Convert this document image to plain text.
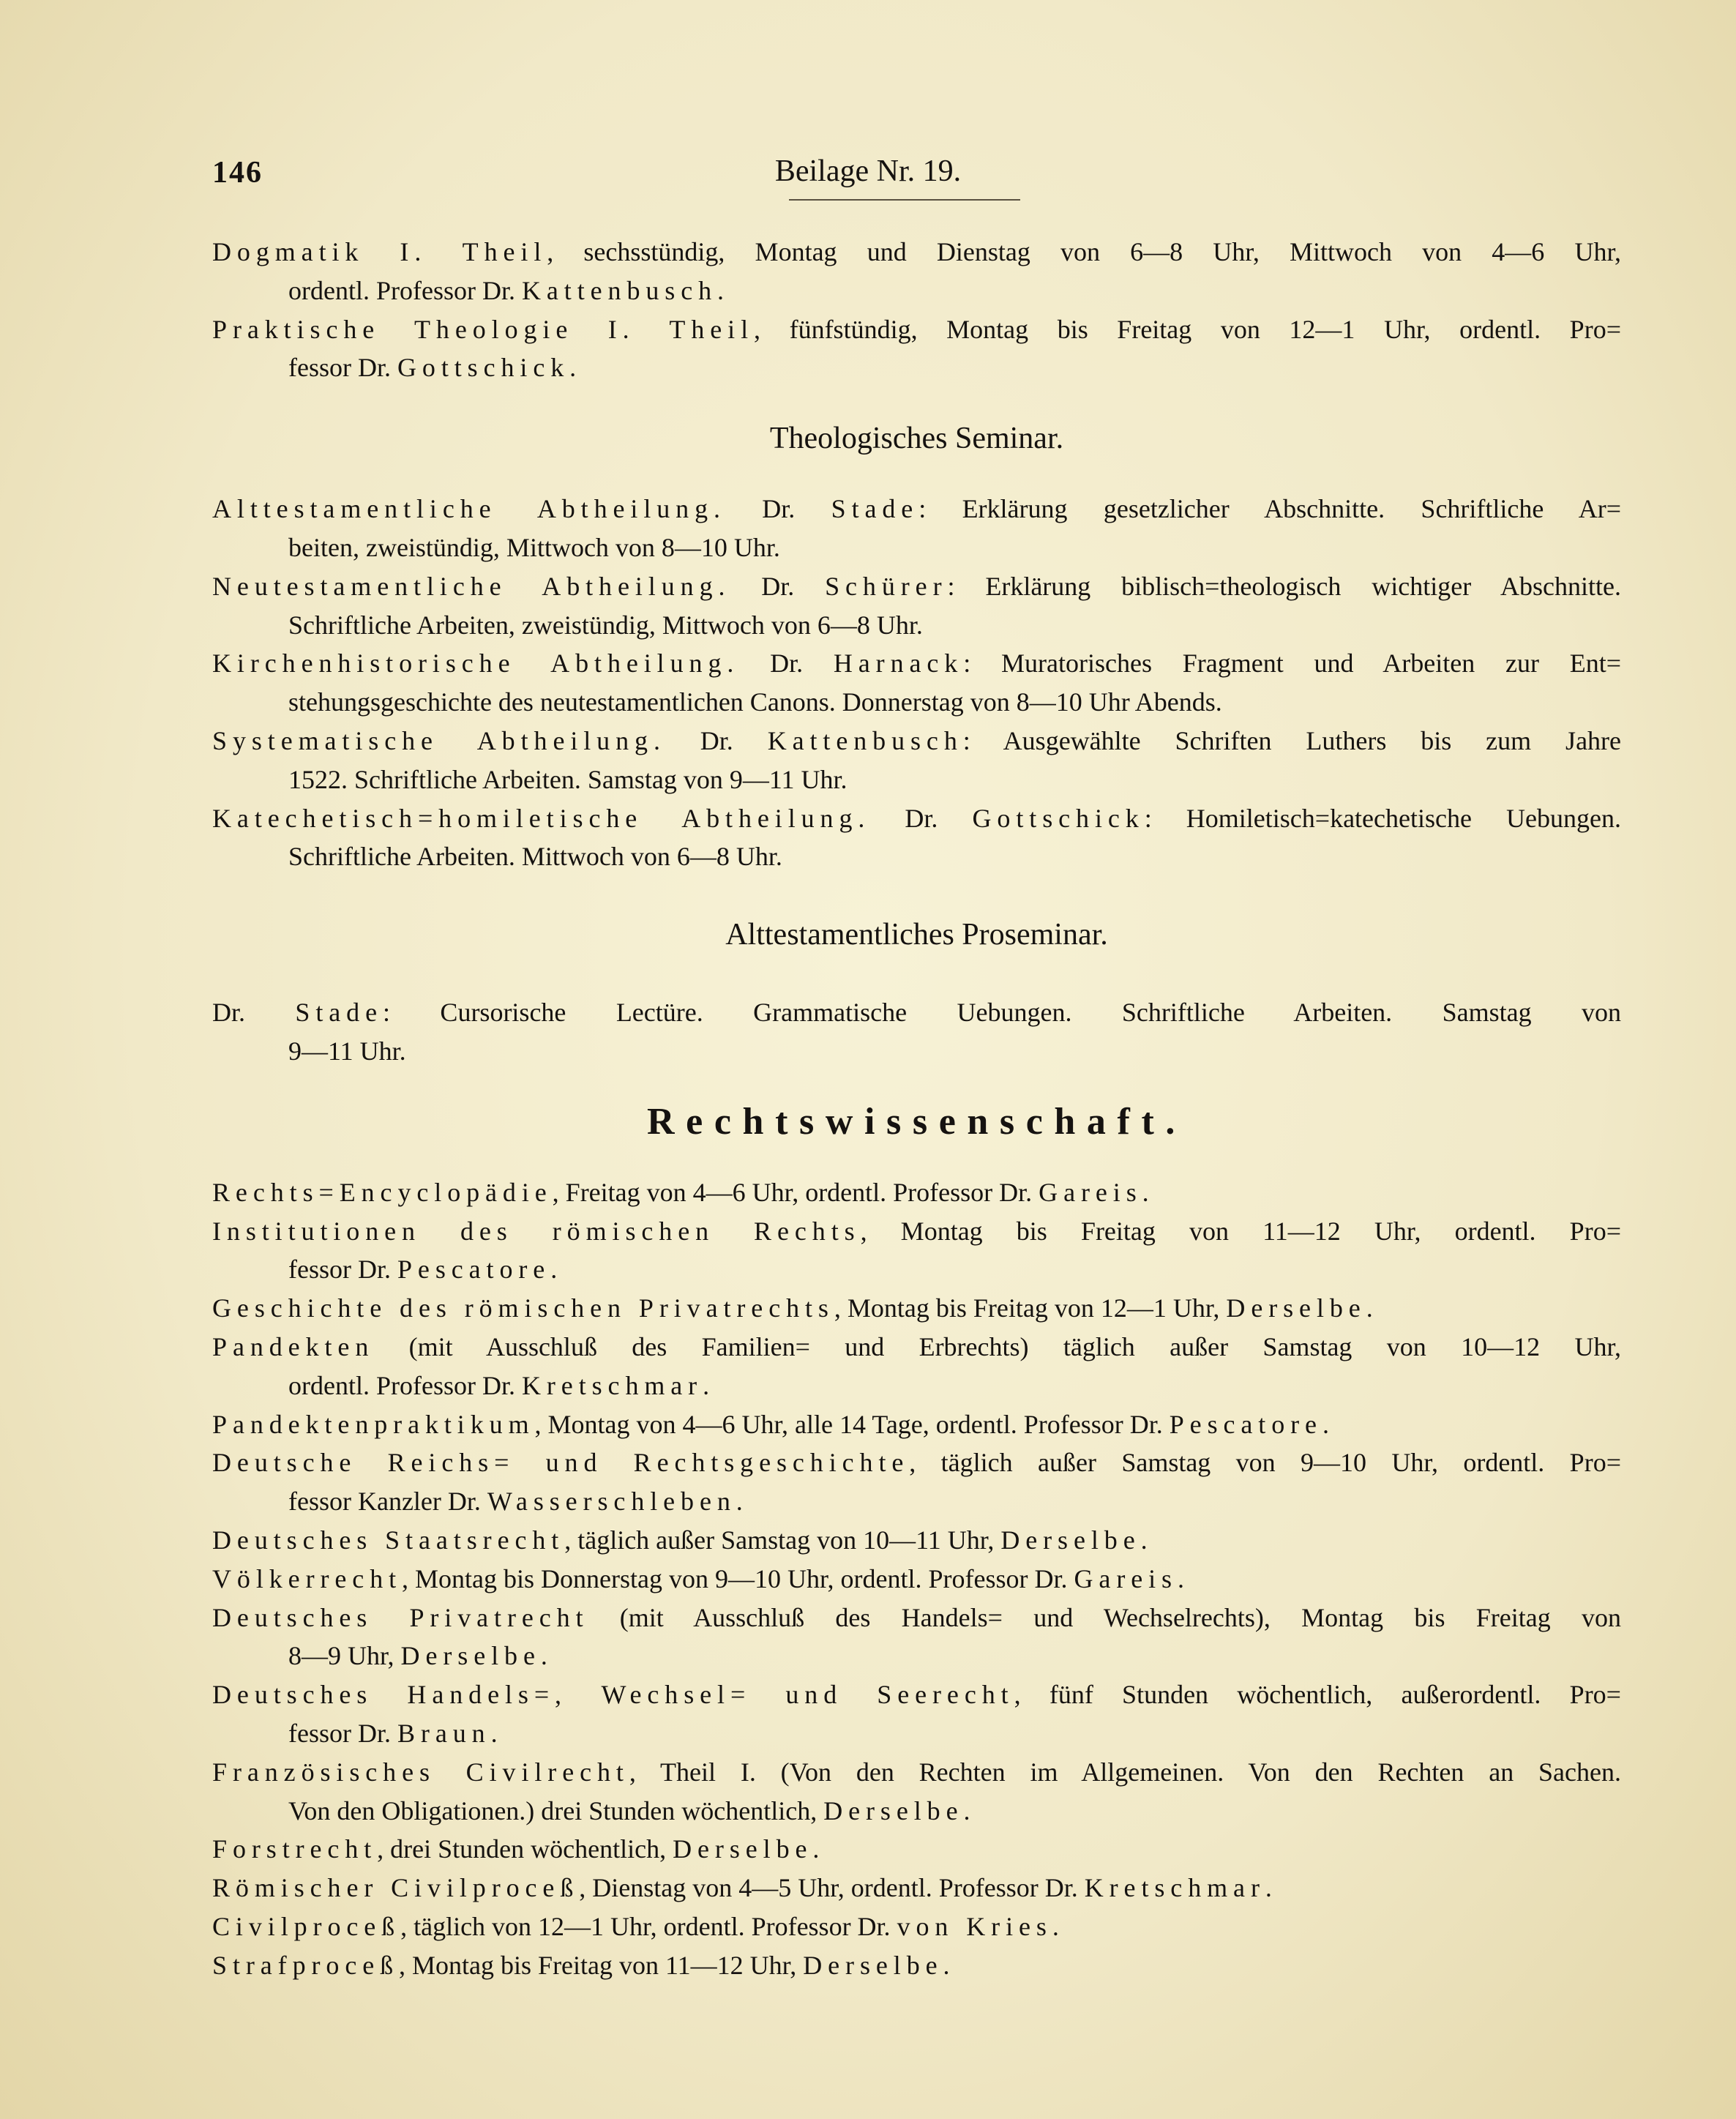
146	Beilage Nr. 19.
Dogmatik I. Theil, sechsstündig, Montag und Dienstag von 6—8 Uhr, Mittwoch von 4—6 Uhr,
ordentl. Professor Dr. Kattenbusch.
Praktische Theologie I. Theil, fünfstündig, Montag bis Freitag von 12—1 Uhr, ordentl. Pro=
fessor Dr. Gottschick.
Theologisches Seminar.
Alttestamentliche Abtheilung. Dr. Stade: Erklärung gesetzlicher Abschnitte. Schriftliche Ar=
beiten, zweistündig, Mittwoch von 8—10 Uhr.
Neutestamentliche Abtheilung. Dr. Schürer: Erklärung biblisch=theologisch wichtiger Abschnitte.
Schriftliche Arbeiten, zweistündig, Mittwoch von 6—8 Uhr.
Kirchenhistorische Abtheilung. Dr. Harnack: Muratorisches Fragment und Arbeiten zur Ent=
stehungsgeschichte des neutestamentlichen Canons. Donnerstag von 8—10 Uhr Abends.
Systematische Abtheilung. Dr. Kattenbusch: Ausgewählte Schriften Luthers bis zum Jahre
1522. Schriftliche Arbeiten. Samstag von 9—11 Uhr.
Katechetisch=homiletische Abtheilung. Dr. Gottschick: Homiletisch=katechetische Uebungen.
Schriftliche Arbeiten. Mittwoch von 6—8 Uhr.
Alttestamentliches Proseminar.
Dr. Stade: Cursorische Lectüre. Grammatische Uebungen. Schriftliche Arbeiten. Samstag von
9—11 Uhr.
Rechtswissenschaft.
Rechts=Encyclopädie, Freitag von 4—6 Uhr, ordentl. Professor Dr. Gareis.
Institutionen des römischen Rechts, Montag bis Freitag von 11—12 Uhr, ordentl. Pro=
fessor Dr. Pescatore.
Geschichte des römischen Privatrechts, Montag bis Freitag von 12—1 Uhr, Derselbe.
Pandekten (mit Ausschluß des Familien= und Erbrechts) täglich außer Samstag von 10—12 Uhr,
ordentl. Professor Dr. Kretschmar.
Pandektenpraktikum, Montag von 4—6 Uhr, alle 14 Tage, ordentl. Professor Dr. Pescatore.
Deutsche Reichs= und Rechtsgeschichte, täglich außer Samstag von 9—10 Uhr, ordentl. Pro=
fessor Kanzler Dr. Wasserschleben.
Deutsches Staatsrecht, täglich außer Samstag von 10—11 Uhr, Derselbe.
Völkerrecht, Montag bis Donnerstag von 9—10 Uhr, ordentl. Professor Dr. Gareis.
Deutsches Privatrecht (mit Ausschluß des Handels= und Wechselrechts), Montag bis Freitag von
8—9 Uhr, Derselbe.
Deutsches Handels=, Wechsel= und Seerecht, fünf Stunden wöchentlich, außerordentl. Pro=
fessor Dr. Braun.
Französisches Civilrecht, Theil I. (Von den Rechten im Allgemeinen. Von den Rechten an Sachen.
Von den Obligationen.) drei Stunden wöchentlich, Derselbe.
Forstrecht, drei Stunden wöchentlich, Derselbe.
Römischer Civilproceß, Dienstag von 4—5 Uhr, ordentl. Professor Dr. Kretschmar.
Civilproceß, täglich von 12—1 Uhr, ordentl. Professor Dr. von Kries.
Strafproceß, Montag bis Freitag von 11—12 Uhr, Derselbe.
